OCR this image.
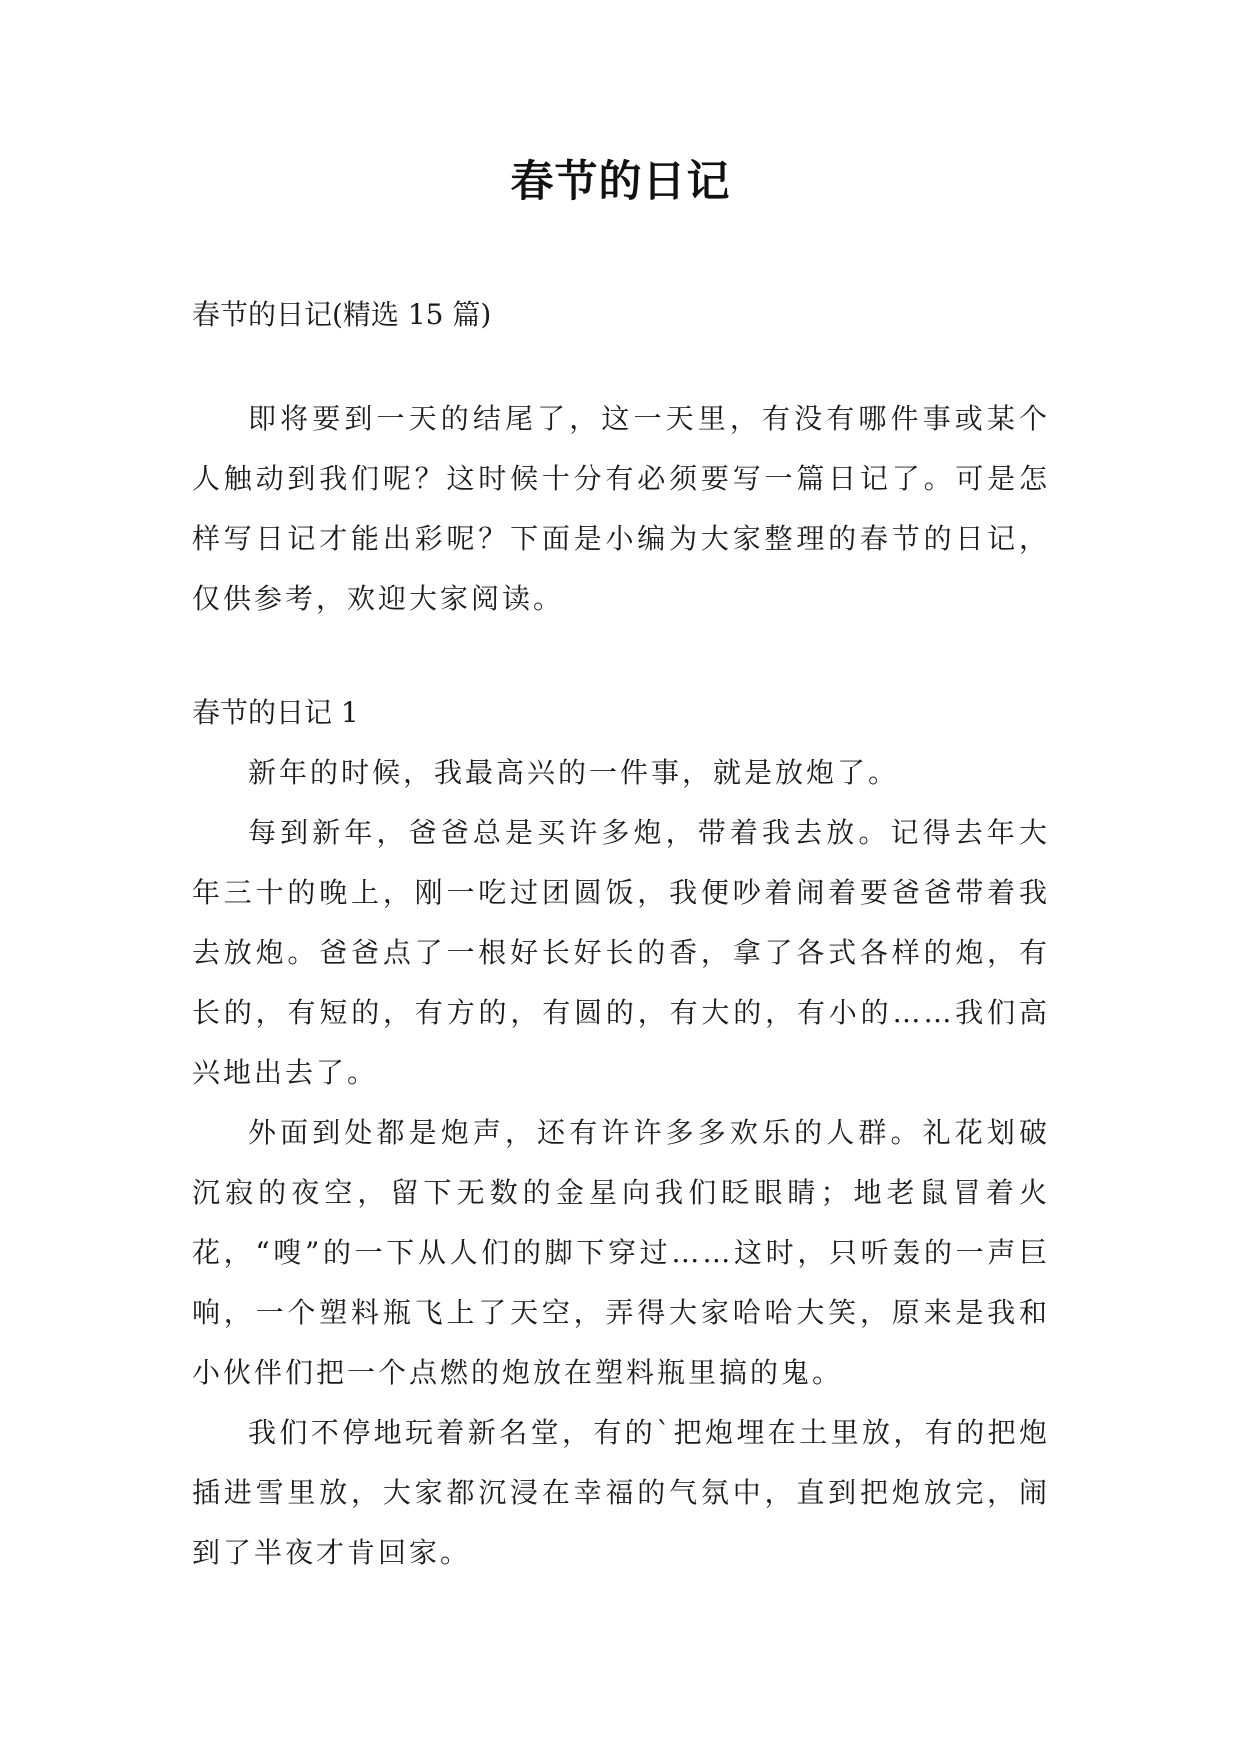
春节的日记

春节的日记(精选 15 篇)

即将要到一天的结尾了，这一天里，有没有哪件事或某个人触动到我们呢？这时候十分有必须要写一篇日记了。可是怎样写日记才能出彩呢？下面是小编为大家整理的春节的日记，仅供参考，欢迎大家阅读。

春节的日记 1

新年的时候，我最高兴的一件事，就是放炮了。

每到新年，爸爸总是买许多炮，带着我去放。记得去年大年三十的晚上，刚一吃过团圆饭，我便吵着闹着要爸爸带着我去放炮。爸爸点了一根好长好长的香，拿了各式各样的炮，有长的，有短的，有方的，有圆的，有大的，有小的……我们高兴地出去了。

外面到处都是炮声，还有许许多多欢乐的人群。礼花划破沉寂的夜空，留下无数的金星向我们眨眼睛；地老鼠冒着火花，“嗖”的一下从人们的脚下穿过……这时，只听轰的一声巨响，一个塑料瓶飞上了天空，弄得大家哈哈大笑，原来是我和小伙伴们把一个点燃的炮放在塑料瓶里搞的鬼。

我们不停地玩着新名堂，有的`把炮埋在土里放，有的把炮插进雪里放，大家都沉浸在幸福的气氛中，直到把炮放完，闹到了半夜才肯回家。
